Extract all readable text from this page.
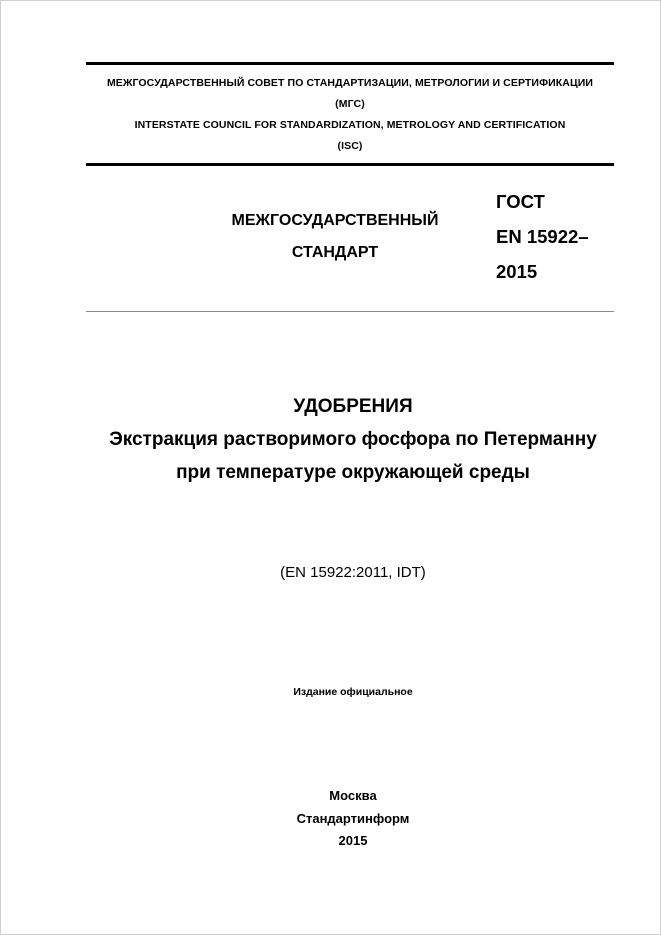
МЕЖГОСУДАРСТВЕННЫЙ СОВЕТ ПО СТАНДАРТИЗАЦИИ, МЕТРОЛОГИИ И СЕРТИФИКАЦИИ
(МГС)
INTERSTATE COUNCIL FOR STANDARDIZATION, METROLOGY AND CERTIFICATION
(ISC)
МЕЖГОСУДАРСТВЕННЫЙ
СТАНДАРТ
ГОСТ
EN 15922–
2015
УДОБРЕНИЯ
Экстракция растворимого фосфора по Петерманну
при температуре окружающей среды
(EN 15922:2011, IDT)
Издание официальное
Москва
Стандартинформ
2015
